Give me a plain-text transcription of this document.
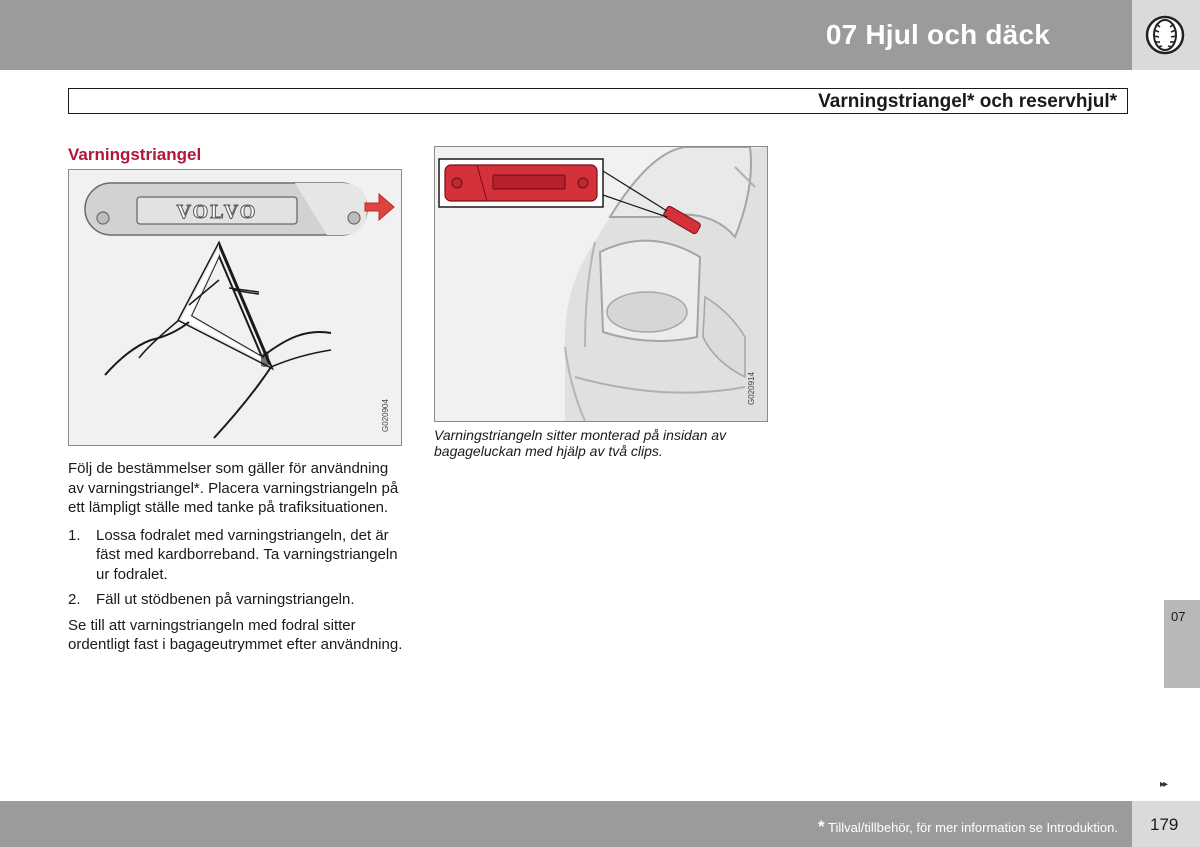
07 Hjul och däck
Varningstriangel* och reservhjul*
Varningstriangel
VOLVO
G020904
G020914
Varningstriangeln sitter monterad på insidan av bagageluckan med hjälp av två clips.

Följ de bestämmelser som gäller för användning av varningstriangel*. Placera varningstriangeln på ett lämpligt ställe med tanke på trafiksituationen.

1.	Lossa fodralet med varningstriangeln, det är fäst med kardborreband. Ta varningstriangeln ur fodralet.
2.	Fäll ut stödbenen på varningstriangeln.

Se till att varningstriangeln med fodral sitter ordentligt fast i bagageutrymmet efter användning.

07
▸▸
* Tillval/tillbehör, för mer information se Introduktion. 179
